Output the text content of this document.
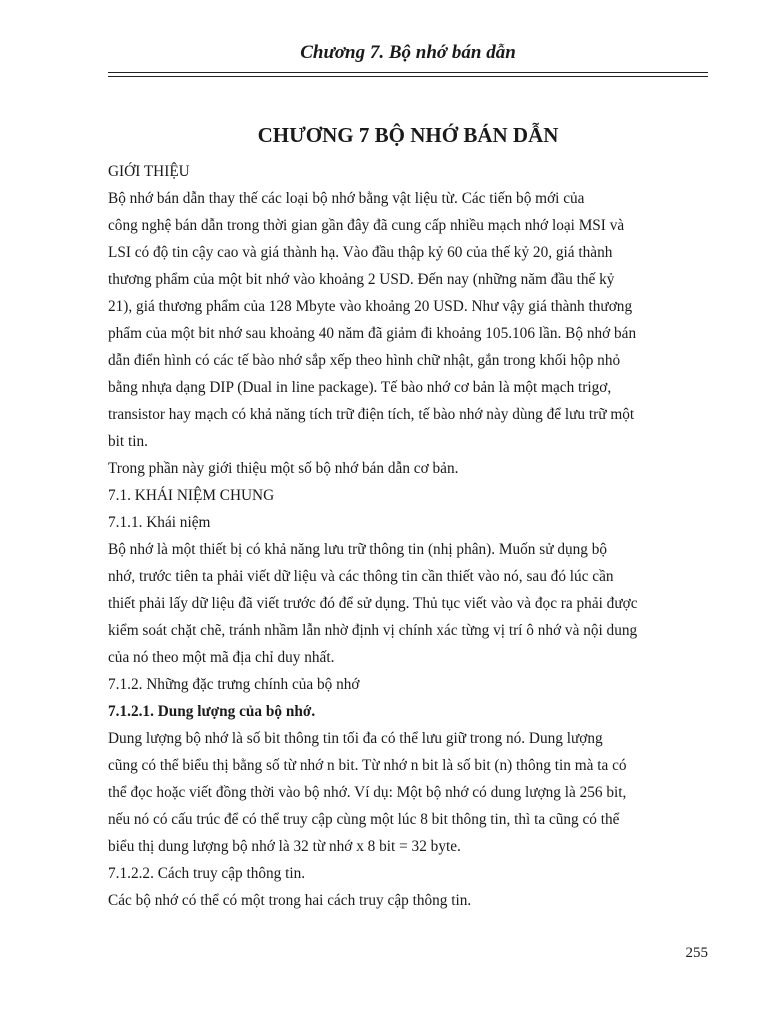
Chương 7. Bộ nhớ bán dẫn
CHƯƠNG 7 BỘ NHỚ BÁN DẪN
GIỚI THIỆU
Bộ nhớ bán dẫn thay thế các loại bộ nhớ bằng vật liệu từ. Các tiến bộ mới của
công nghệ bán dẫn trong thời gian gần đây đã cung cấp nhiều mạch nhớ loại MSI và
LSI có độ tin cậy cao và giá thành hạ. Vào đầu thập kỷ 60 của thế kỷ 20, giá thành
thương phẩm của một bit nhớ vào khoảng 2 USD. Đến nay (những năm đầu thế kỷ
21), giá thương phẩm của 128 Mbyte vào khoảng 20 USD. Như vậy giá thành thương
phẩm của một bit nhớ sau khoảng 40 năm đã giảm đi khoảng 105.106 lần. Bộ nhớ bán
dẫn điển hình có các tế bào nhớ sắp xếp theo hình chữ nhật, gắn trong khối hộp nhỏ
bằng nhựa dạng DIP (Dual in line package). Tế bào nhớ cơ bản là một mạch trigơ,
transistor hay mạch có khả năng tích trữ điện tích, tế bào nhớ này dùng để lưu trữ một
bit tin.
Trong phần này giới thiệu một số bộ nhớ bán dẫn cơ bản.
7.1. KHÁI NIỆM CHUNG
7.1.1. Khái niệm
Bộ nhớ là một thiết bị có khả năng lưu trữ thông tin (nhị phân). Muốn sử dụng bộ
nhớ, trước tiên ta phải viết dữ liệu và các thông tin cần thiết vào nó, sau đó lúc cần
thiết phải lấy dữ liệu đã viết trước đó để sử dụng. Thủ tục viết vào và đọc ra phải được
kiểm soát chặt chẽ, tránh nhầm lẫn nhờ định vị chính xác từng vị trí ô nhớ và nội dung
của nó theo một mã địa chỉ duy nhất.
7.1.2. Những đặc trưng chính của bộ nhớ
7.1.2.1. Dung lượng của bộ nhớ.
Dung lượng bộ nhớ là số bit thông tin tối đa có thể lưu giữ trong nó. Dung lượng
cũng có thể biểu thị bằng số từ nhớ n bit. Từ nhớ n bit là số bit (n) thông tin mà ta có
thể đọc hoặc viết đồng thời vào bộ nhớ. Ví dụ: Một bộ nhớ có dung lượng là 256 bit,
nếu nó có cấu trúc để có thể truy cập cùng một lúc 8 bit thông tin, thì ta cũng có thể
biểu thị dung lượng bộ nhớ là 32 từ nhớ x 8 bit = 32 byte.
7.1.2.2. Cách truy cập thông tin.
Các bộ nhớ có thể có một trong hai cách truy cập thông tin.
255
